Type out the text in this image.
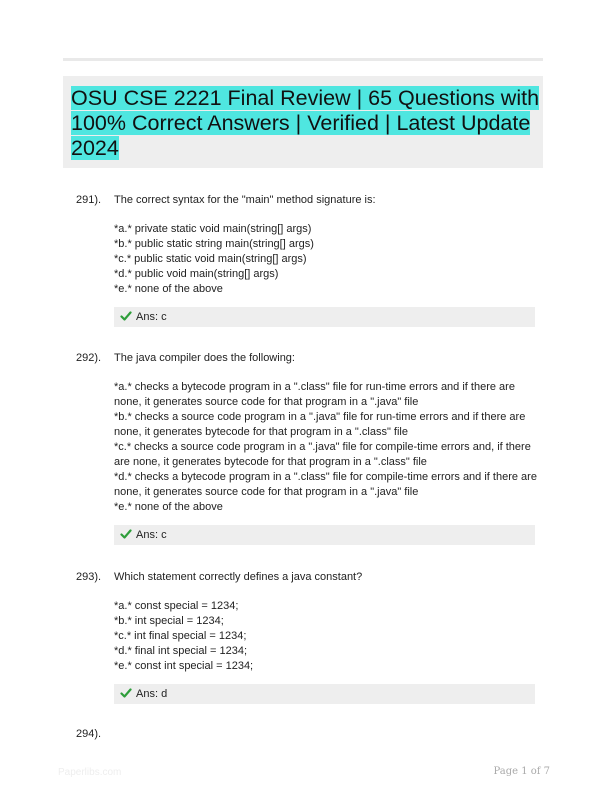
OSU CSE 2221 Final Review | 65 Questions with 100% Correct Answers | Verified | Latest Update 2024
291). The correct syntax for the "main" method signature is:
*a.* private static void main(string[] args)
*b.* public static string main(string[] args)
*c.* public static void main(string[] args)
*d.* public void main(string[] args)
*e.* none of the above
Ans: c
292). The java compiler does the following:
*a.* checks a bytecode program in a ".class" file for run-time errors and if there are none, it generates source code for that program in a ".java" file
*b.* checks a source code program in a ".java" file for run-time errors and if there are none, it generates bytecode for that program in a ".class" file
*c.* checks a source code program in a ".java" file for compile-time errors and, if there are none, it generates bytecode for that program in a ".class" file
*d.* checks a bytecode program in a ".class" file for compile-time errors and if there are none, it generates source code for that program in a ".java" file
*e.* none of the above
Ans: c
293). Which statement correctly defines a java constant?
*a.* const special = 1234;
*b.* int special = 1234;
*c.* int final special = 1234;
*d.* final int special = 1234;
*e.* const int special = 1234;
Ans: d
294).
Paperlibs.com	Page 1 of 7
